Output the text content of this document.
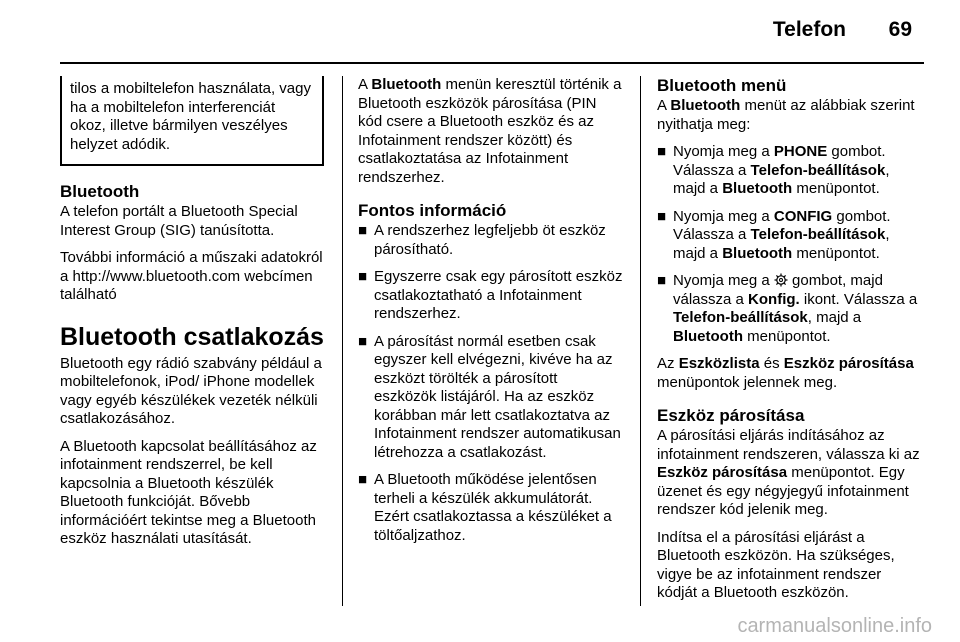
Telefon 69
tilos a mobiltelefon használata, vagy ha a mobiltelefon interferenciát okoz, illetve bármilyen veszélyes helyzet adódik.
Bluetooth

A telefon portált a Bluetooth Special Interest Group (SIG) tanúsította.

További információ a műszaki adatokról a http://www.bluetooth.com webcímen található

Bluetooth csatlakozás

Bluetooth egy rádió szabvány például a mobiltelefonok, iPod/ iPhone modellek vagy egyéb készülékek vezeték nélküli csatlakozásához.

A Bluetooth kapcsolat beállításához az infotainment rendszerrel, be kell kapcsolnia a Bluetooth készülék Bluetooth funkcióját. Bővebb információért tekintse meg a Bluetooth eszköz használati utasítását.

A Bluetooth menün keresztül történik a Bluetooth eszközök párosítása (PIN kód csere a Bluetooth eszköz és az Infotainment rendszer között) és csatlakoztatása az Infotainment rendszerhez.

Fontos információ
■ A rendszerhez legfeljebb öt eszköz párosítható.
■ Egyszerre csak egy párosított eszköz csatlakoztatható a Infotainment rendszerhez.
■ A párosítást normál esetben csak egyszer kell elvégezni, kivéve ha az eszközt törölték a párosított eszközök listájáról. Ha az eszköz korábban már lett csatlakoztatva az Infotainment rendszer automatikusan létrehozza a csatlakozást.
■ A Bluetooth működése jelentősen terheli a készülék akkumulátorát. Ezért csatlakoztassa a készüléket a töltőaljzathoz.
Bluetooth menü

A Bluetooth menüt az alábbiak szerint nyithatja meg:

■ Nyomja meg a PHONE gombot. Válassza a Telefon-beállítások, majd a Bluetooth menüpontot.
■ Nyomja meg a CONFIG gombot. Válassza a Telefon-beállítások, majd a Bluetooth menüpontot.
■ Nyomja meg a  gombot, majd válassza a Konfig. ikont. Válassza a Telefon-beállítások, majd a Bluetooth menüpontot.

Az Eszközlista és Eszköz párosítása menüpontok jelennek meg.

Eszköz párosítása

A párosítási eljárás indításához az infotainment rendszeren, válassza ki az Eszköz párosítása menüpontot. Egy üzenet és egy négyjegyű infotainment rendszer kód jelenik meg.

Indítsa el a párosítási eljárást a Bluetooth eszközön. Ha szükséges, vigye be az infotainment rendszer kódját a Bluetooth eszközön.

carmanualsonline.info
